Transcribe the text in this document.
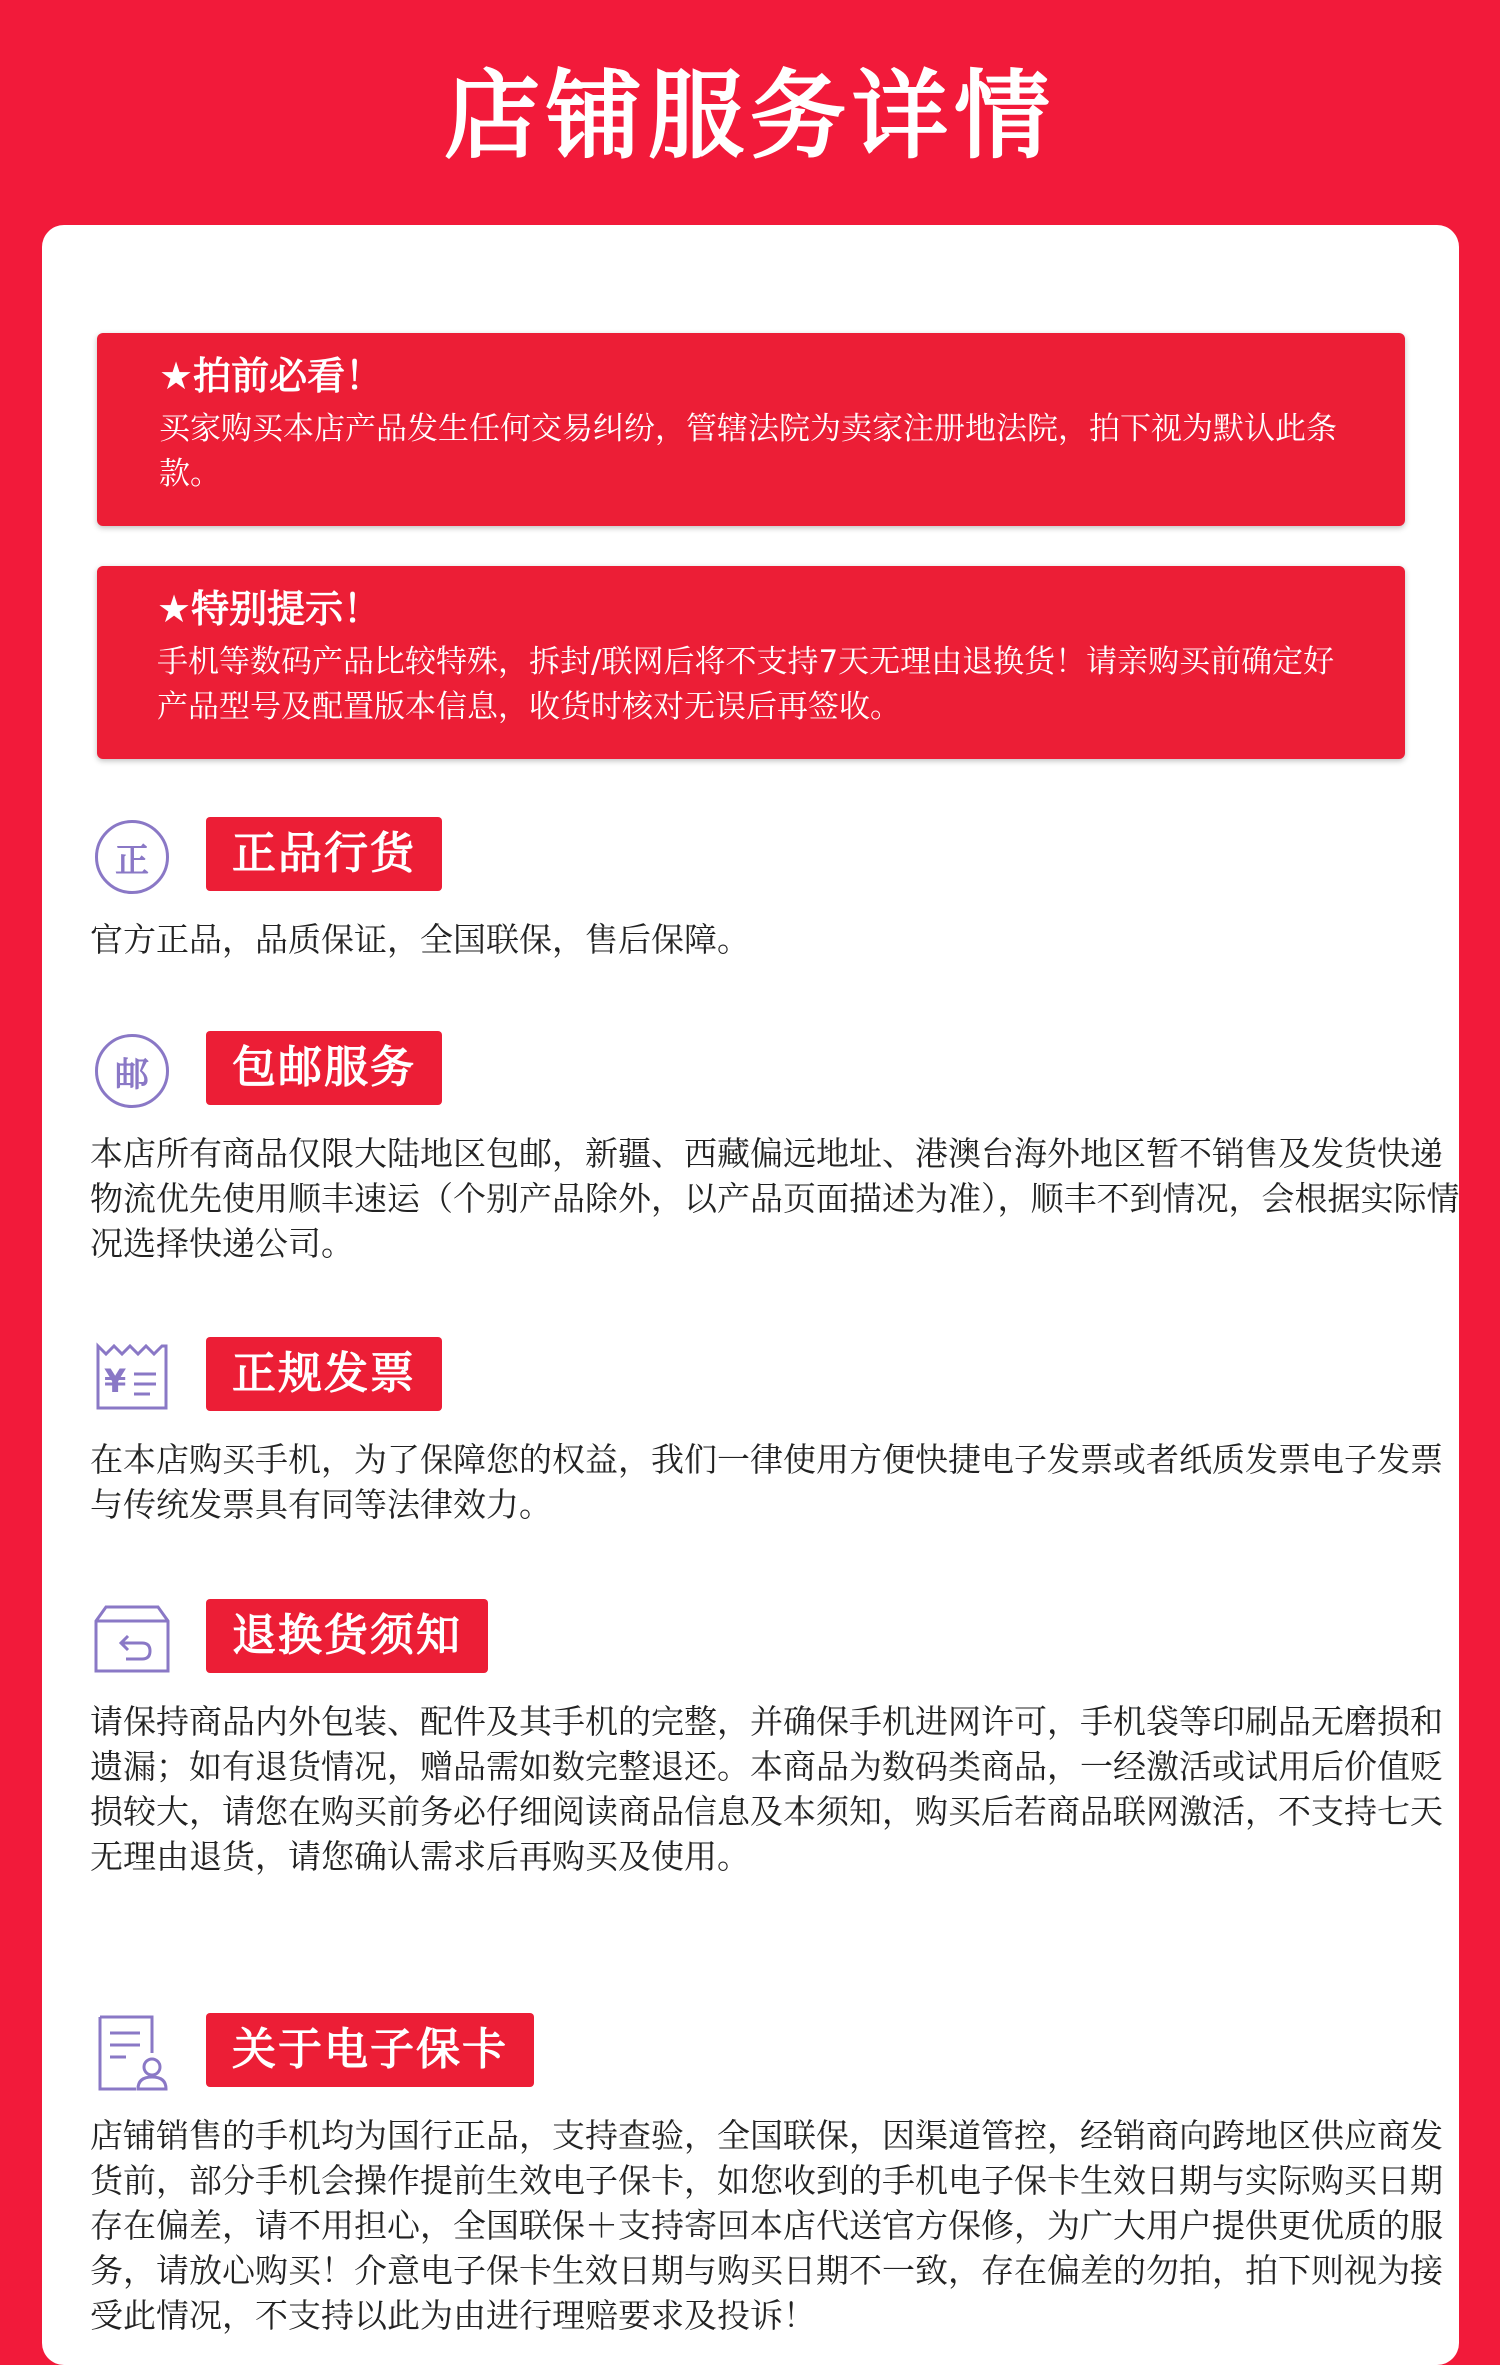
店铺服务详情
★拍前必看！
买家购买本店产品发生任何交易纠纷，管辖法院为卖家注册地法院，拍下视为默认此条款。
★特别提示！
手机等数码产品比较特殊，拆封/联网后将不支持7天无理由退换货！请亲购买前确定好产品型号及配置版本信息，收货时核对无误后再签收。
正	正品行货
官方正品，品质保证，全国联保，售后保障。
邮	包邮服务
本店所有商品仅限大陆地区包邮，新疆、西藏偏远地址、港澳台海外地区暂不销售及发货快递物流优先使用顺丰速运（个别产品除外，以产品页面描述为准），顺丰不到情况，会根据实际情况选择快递公司。
¥	正规发票
在本店购买手机，为了保障您的权益，我们一律使用方便快捷电子发票或者纸质发票电子发票与传统发票具有同等法律效力。
退换货须知
请保持商品内外包装、配件及其手机的完整，并确保手机进网许可，手机袋等印刷品无磨损和遗漏；如有退货情况，赠品需如数完整退还。本商品为数码类商品，一经激活或试用后价值贬损较大，请您在购买前务必仔细阅读商品信息及本须知，购买后若商品联网激活，不支持七天无理由退货，请您确认需求后再购买及使用。
关于电子保卡
店铺销售的手机均为国行正品，支持查验，全国联保，因渠道管控，经销商向跨地区供应商发货前，部分手机会操作提前生效电子保卡，如您收到的手机电子保卡生效日期与实际购买日期存在偏差，请不用担心，全国联保＋支持寄回本店代送官方保修，为广大用户提供更优质的服务，请放心购买！介意电子保卡生效日期与购买日期不一致，存在偏差的勿拍，拍下则视为接受此情况，不支持以此为由进行理赔要求及投诉！
